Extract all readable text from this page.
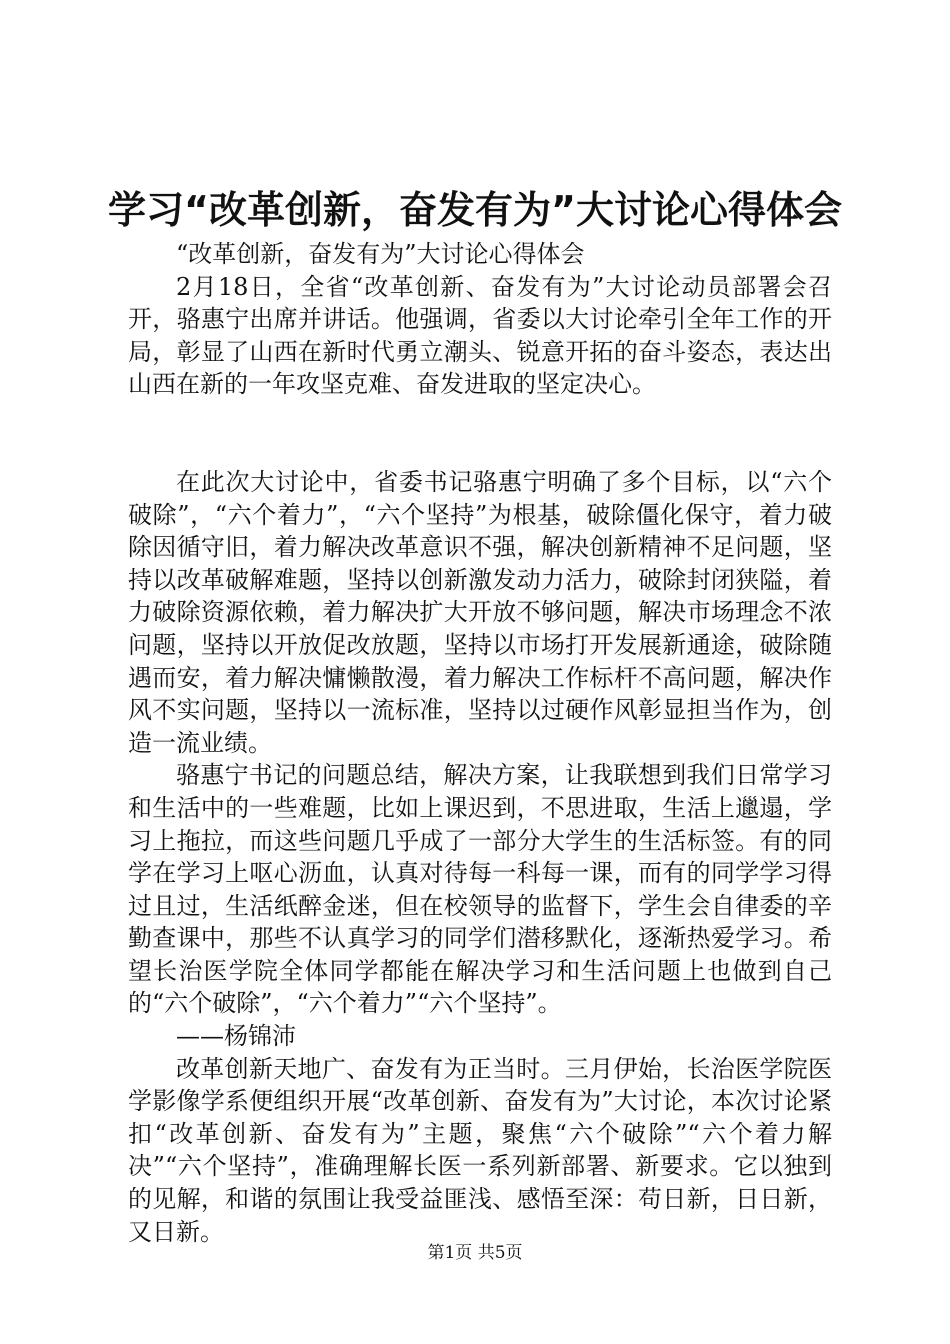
学习“改革创新，奋发有为”大讨论心得体会

“改革创新，奋发有为”大讨论心得体会

2月18日，全省“改革创新、奋发有为”大讨论动员部署会召开，骆惠宁出席并讲话。他强调，省委以大讨论牵引全年工作的开局，彰显了山西在新时代勇立潮头、锐意开拓的奋斗姿态，表达出山西在新的一年攻坚克难、奋发进取的坚定决心。

在此次大讨论中，省委书记骆惠宁明确了多个目标，以“六个破除”，“六个着力”，“六个坚持”为根基，破除僵化保守，着力破除因循守旧，着力解决改革意识不强，解决创新精神不足问题，坚持以改革破解难题，坚持以创新激发动力活力，破除封闭狭隘，着力破除资源依赖，着力解决扩大开放不够问题，解决市场理念不浓问题，坚持以开放促改放题，坚持以市场打开发展新通途，破除随遇而安，着力解决慵懒散漫，着力解决工作标杆不高问题，解决作风不实问题，坚持以一流标准，坚持以过硬作风彰显担当作为，创造一流业绩。

骆惠宁书记的问题总结，解决方案，让我联想到我们日常学习和生活中的一些难题，比如上课迟到，不思进取，生活上邋遢，学习上拖拉，而这些问题几乎成了一部分大学生的生活标签。有的同学在学习上呕心沥血，认真对待每一科每一课，而有的同学学习得过且过，生活纸醉金迷，但在校领导的监督下，学生会自律委的辛勤查课中，那些不认真学习的同学们潜移默化，逐渐热爱学习。希望长治医学院全体同学都能在解决学习和生活问题上也做到自己的“六个破除”，“六个着力”“六个坚持”。

——杨锦沛

改革创新天地广、奋发有为正当时。三月伊始，长治医学院医学影像学系便组织开展“改革创新、奋发有为”大讨论，本次讨论紧扣“改革创新、奋发有为”主题，聚焦“六个破除”“六个着力解决”“六个坚持”，准确理解长医一系列新部署、新要求。它以独到的见解，和谐的氛围让我受益匪浅、感悟至深：苟日新，日日新，又日新。

第1页 共5页
